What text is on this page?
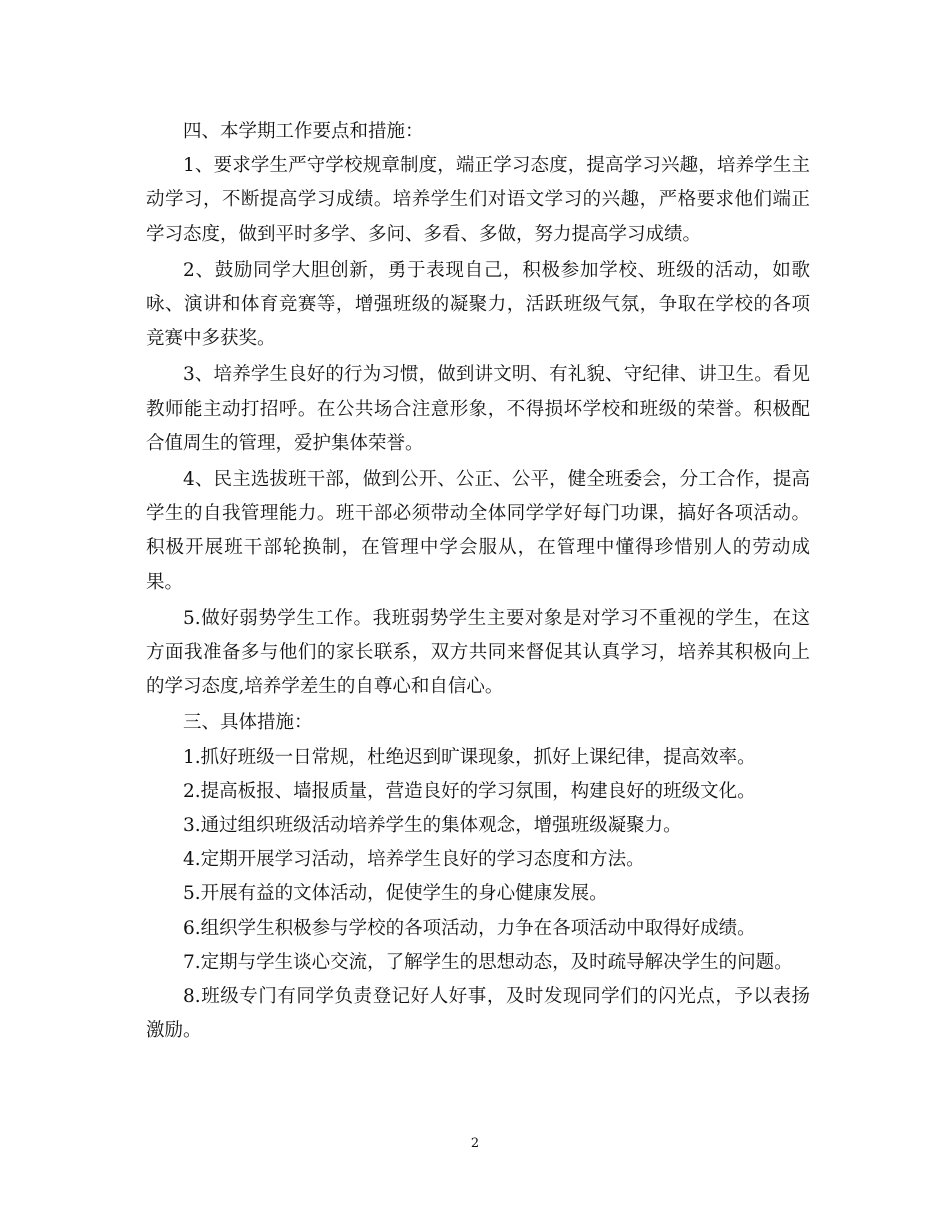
四、本学期工作要点和措施：

1、要求学生严守学校规章制度，端正学习态度，提高学习兴趣，培养学生主动学习，不断提高学习成绩。培养学生们对语文学习的兴趣，严格要求他们端正学习态度，做到平时多学、多问、多看、多做，努力提高学习成绩。

2、鼓励同学大胆创新，勇于表现自己，积极参加学校、班级的活动，如歌咏、演讲和体育竞赛等，增强班级的凝聚力，活跃班级气氛，争取在学校的各项竞赛中多获奖。

3、培养学生良好的行为习惯，做到讲文明、有礼貌、守纪律、讲卫生。看见教师能主动打招呼。在公共场合注意形象，不得损坏学校和班级的荣誉。积极配合值周生的管理，爱护集体荣誉。

4、民主选拔班干部，做到公开、公正、公平，健全班委会，分工合作，提高学生的自我管理能力。班干部必须带动全体同学学好每门功课，搞好各项活动。积极开展班干部轮换制，在管理中学会服从，在管理中懂得珍惜别人的劳动成果。

5.做好弱势学生工作。我班弱势学生主要对象是对学习不重视的学生，在这方面我准备多与他们的家长联系，双方共同来督促其认真学习，培养其积极向上的学习态度,培养学差生的自尊心和自信心。

三、具体措施：

1.抓好班级一日常规，杜绝迟到旷课现象，抓好上课纪律，提高效率。

2.提高板报、墙报质量，营造良好的学习氛围，构建良好的班级文化。

3.通过组织班级活动培养学生的集体观念，增强班级凝聚力。

4.定期开展学习活动，培养学生良好的学习态度和方法。

5.开展有益的文体活动，促使学生的身心健康发展。

6.组织学生积极参与学校的各项活动，力争在各项活动中取得好成绩。

7.定期与学生谈心交流，了解学生的思想动态，及时疏导解决学生的问题。

8.班级专门有同学负责登记好人好事，及时发现同学们的闪光点，予以表扬激励。

2
